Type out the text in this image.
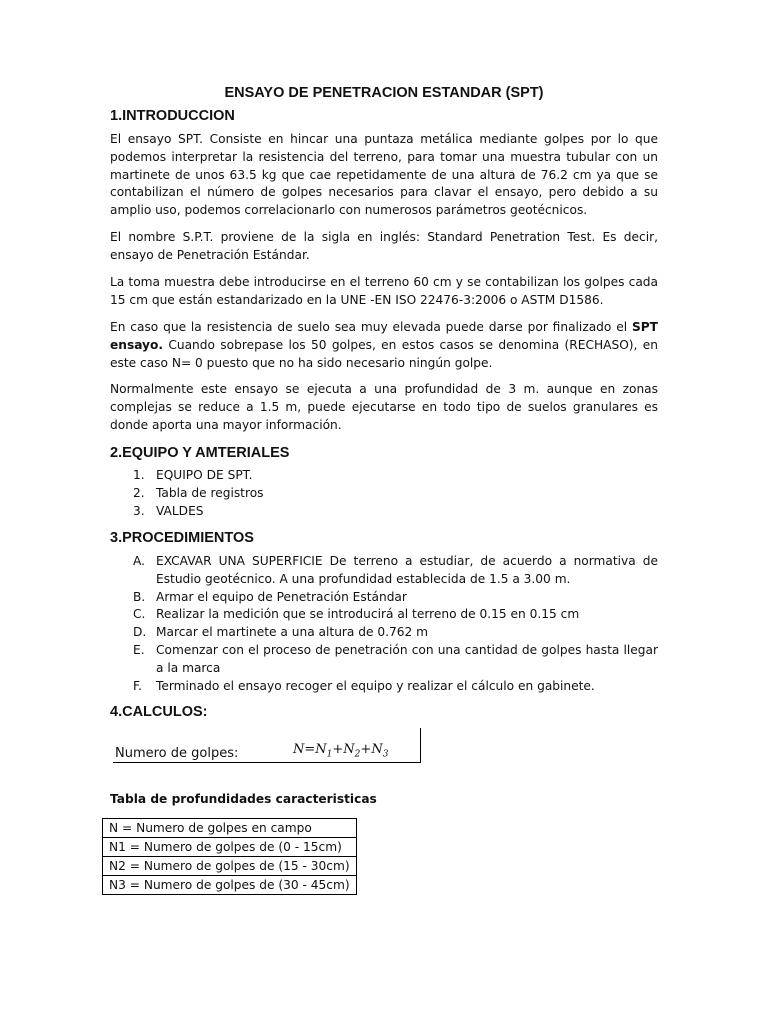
ENSAYO DE PENETRACION ESTANDAR (SPT)
1.INTRODUCCION

El ensayo SPT. Consiste en hincar una puntaza metálica mediante golpes por lo que podemos interpretar la resistencia del terreno, para tomar una muestra tubular con un martinete de unos 63.5 kg que cae repetidamente de una altura de 76.2 cm ya que se contabilizan el número de golpes necesarios para clavar el ensayo, pero debido a su amplio uso, podemos correlacionarlo con numerosos parámetros geotécnicos.

El nombre S.P.T. proviene de la sigla en inglés: Standard Penetration Test. Es decir, ensayo de Penetración Estándar.

La toma muestra debe introducirse en el terreno 60 cm y se contabilizan los golpes cada 15 cm que están estandarizado en la UNE -EN ISO 22476-3:2006 o ASTM D1586.

En caso que la resistencia de suelo sea muy elevada puede darse por finalizado el SPT ensayo. Cuando sobrepase los 50 golpes, en estos casos se denomina (RECHASO), en este caso N= 0 puesto que no ha sido necesario ningún golpe.

Normalmente este ensayo se ejecuta a una profundidad de 3 m. aunque en zonas complejas se reduce a 1.5 m, puede ejecutarse en todo tipo de suelos granulares es donde aporta una mayor información.

2.EQUIPO Y AMTERIALES
1. EQUIPO DE SPT.
2. Tabla de registros
3. VALDES
3.PROCEDIMIENTOS
A. EXCAVAR UNA SUPERFICIE De terreno a estudiar, de acuerdo a normativa de Estudio geotécnico. A una profundidad establecida de 1.5 a 3.00 m.
B. Armar el equipo de Penetración Estándar
C. Realizar la medición que se introducirá al terreno de 0.15 en 0.15 cm
D. Marcar el martinete a una altura de 0.762 m
E. Comenzar con el proceso de penetración con una cantidad de golpes hasta llegar a la marca
F. Terminado el ensayo recoger el equipo y realizar el cálculo en gabinete.
4.CALCULOS:
Numero de golpes:	$N=N_1+N_2+N_3$
Tabla de profundidades caracteristicas
N = Numero de golpes en campo
N1 = Numero de golpes de (0 - 15cm)
N2 = Numero de golpes de (15 - 30cm)
N3 = Numero de golpes de (30 - 45cm)
